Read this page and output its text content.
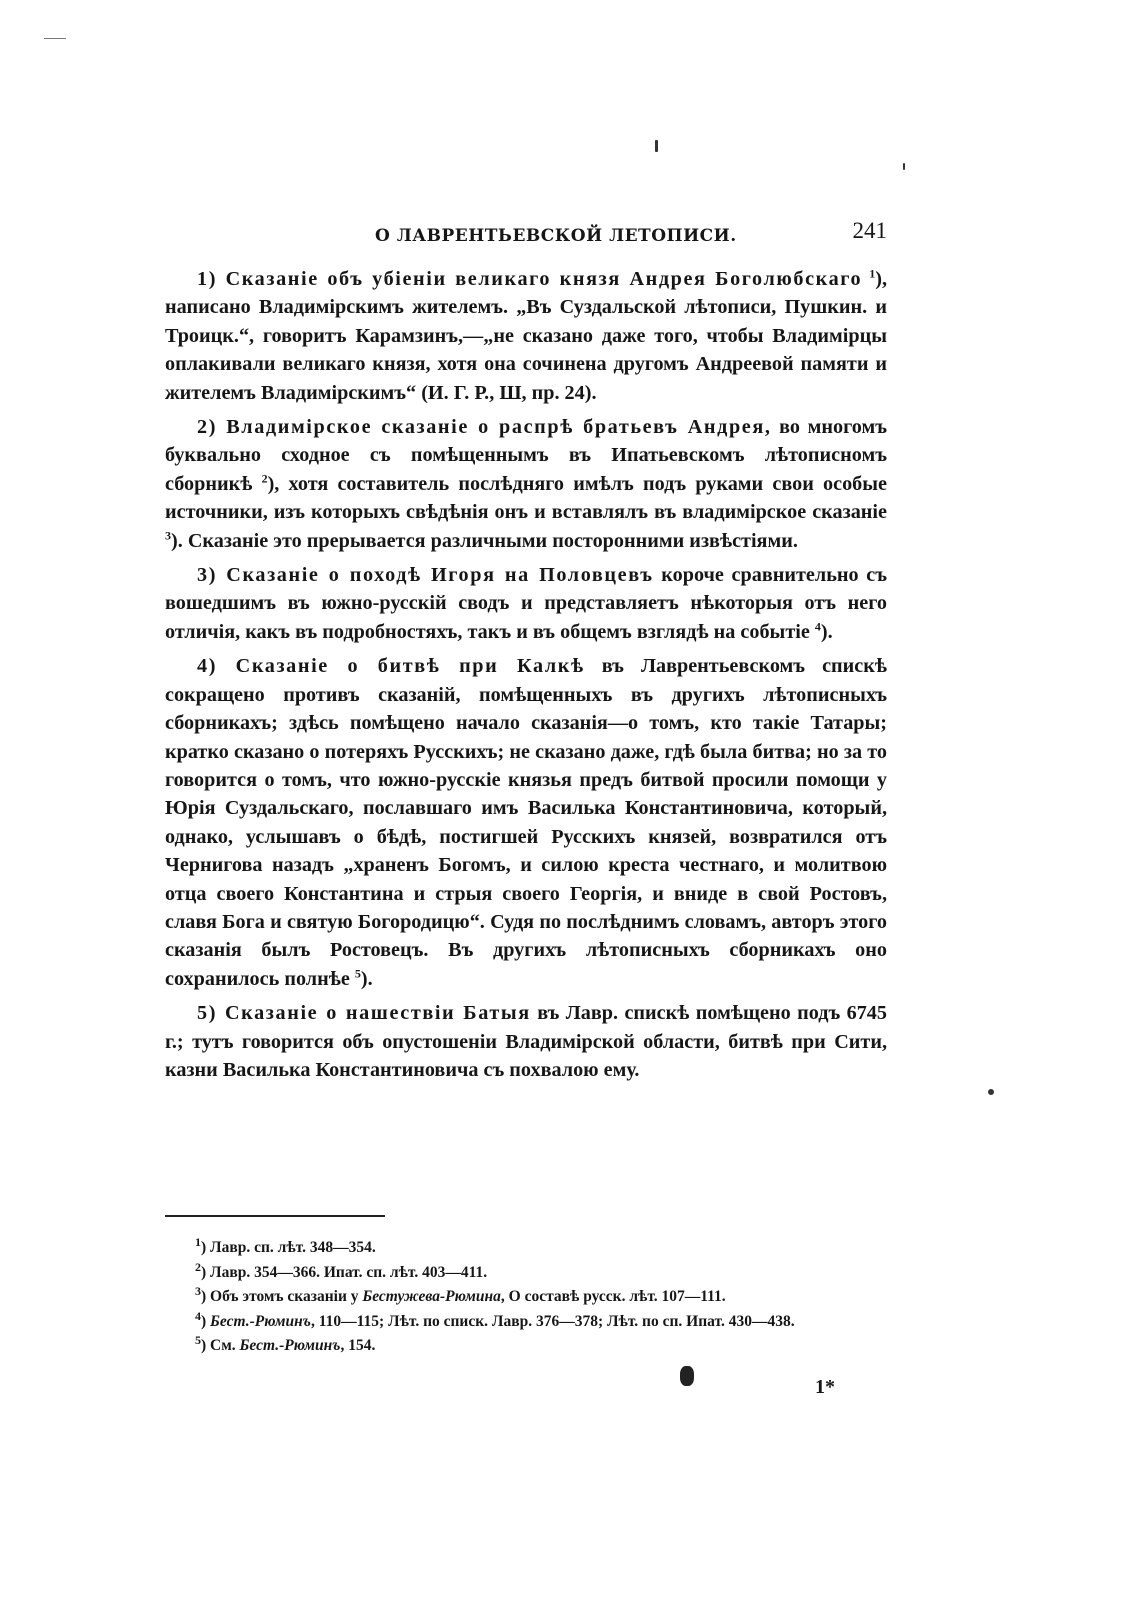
О ЛАВРЕНТЬЕВСКОЙ ЛЕТОПИСИ.	241

1) Сказаніе объ убіеніи великаго князя Андрея Боголюбскаго $^1$), написано Владимірскимъ жителемъ. „Въ Суздальской лѣтописи, Пушкин. и Троицк.“, говоритъ Карамзинъ,—„не сказано даже того, чтобы Владимірцы оплакивали великаго князя, хотя она сочинена другомъ Андреевой памяти и жителемъ Владимірскимъ“ (И. Г. Р., Ш, пр. 24).

2) Владимірское сказаніе о распрѣ братьевъ Андрея, во многомъ буквально сходное съ помѣщеннымъ въ Ипатьевскомъ лѣтописномъ сборникѣ $^2$), хотя составитель послѣдняго имѣлъ подъ руками свои особые источники, изъ которыхъ свѣдѣнія онъ и вставлялъ въ владимірское сказаніе $^3$). Сказаніе это прерывается различными посторонними извѣстіями.

3) Сказаніе о походѣ Игоря на Половцевъ короче сравнительно съ вошедшимъ въ южно-русскій сводъ и представляетъ нѣкоторыя отъ него отличія, какъ въ подробностяхъ, такъ и въ общемъ взглядѣ на событіе $^4$).

4) Сказаніе о битвѣ при Калкѣ въ Лаврентьевскомъ спискѣ сокращено противъ сказаній, помѣщенныхъ въ другихъ лѣтописныхъ сборникахъ; здѣсь помѣщено начало сказанія—о томъ, кто такіе Татары; кратко сказано о потеряхъ Русскихъ; не сказано даже, гдѣ была битва; но за то говорится о томъ, что южно-русскіе князья предъ битвой просили помощи у Юрія Суздальскаго, пославшаго имъ Василька Константиновича, который, однако, услышавъ о бѣдѣ, постигшей Русскихъ князей, возвратился отъ Чернигова назадъ „храненъ Богомъ, и силою креста честнаго, и молитвою отца своего Константина и стрыя своего Георгія, и вниде в свой Ростовъ, славя Бога и святую Богородицю“. Судя по послѣднимъ словамъ, авторъ этого сказанія былъ Ростовецъ. Въ другихъ лѣтописныхъ сборникахъ оно сохранилось полнѣе $^5$).

5) Сказаніе о нашествіи Батыя въ Лавр. спискѣ помѣщено подъ 6745 г.; тутъ говорится объ опустошеніи Владимірской области, битвѣ при Сити, казни Василька Константиновича съ похвалою ему.

$^1$) Лавр. сп. лѣт. 348—354.

$^2$) Лавр. 354—366. Ипат. сп. лѣт. 403—411.

$^3$) Объ этомъ сказаніи у Бестужева-Рюмина, О составѣ русск. лѣт. 107—111.

$^4$) Бест.-Рюминъ, 110—115; Лѣт. по списк. Лавр. 376—378; Лѣт. по сп. Ипат. 430—438.

$^5$) См. Бест.-Рюминъ, 154.

1*
